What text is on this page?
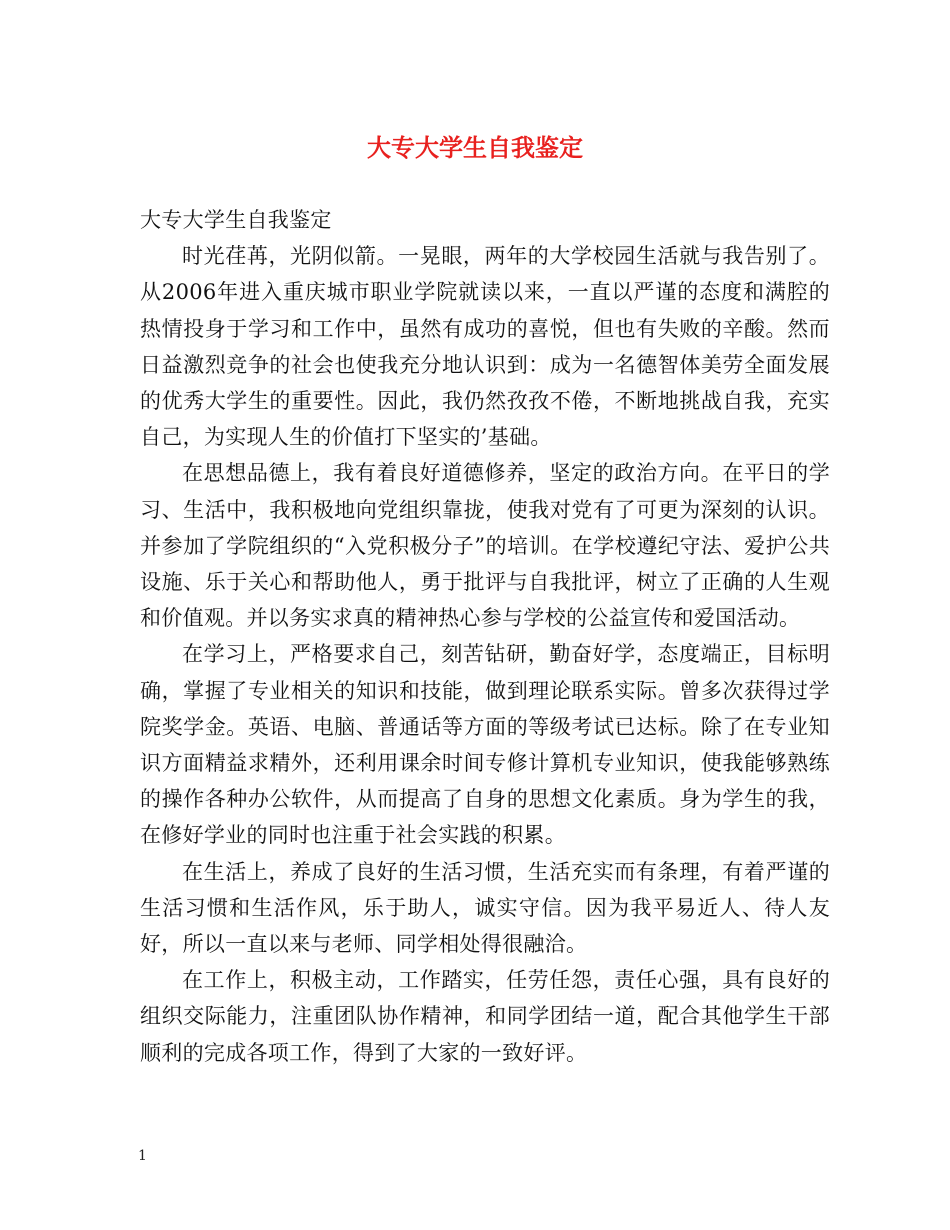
大专大学生自我鉴定

大专大学生自我鉴定

时光荏苒，光阴似箭。一晃眼，两年的大学校园生活就与我告别了。从2006年进入重庆城市职业学院就读以来，一直以严谨的态度和满腔的热情投身于学习和工作中，虽然有成功的喜悦，但也有失败的辛酸。然而日益激烈竞争的社会也使我充分地认识到：成为一名德智体美劳全面发展的优秀大学生的重要性。因此，我仍然孜孜不倦，不断地挑战自我，充实自己，为实现人生的价值打下坚实的’基础。

在思想品德上，我有着良好道德修养，坚定的政治方向。在平日的学习、生活中，我积极地向党组织靠拢，使我对党有了可更为深刻的认识。并参加了学院组织的“入党积极分子”的培训。在学校遵纪守法、爱护公共设施、乐于关心和帮助他人，勇于批评与自我批评，树立了正确的人生观和价值观。并以务实求真的精神热心参与学校的公益宣传和爱国活动。

在学习上，严格要求自己，刻苦钻研，勤奋好学，态度端正，目标明确，掌握了专业相关的知识和技能，做到理论联系实际。曾多次获得过学院奖学金。英语、电脑、普通话等方面的等级考试已达标。除了在专业知识方面精益求精外，还利用课余时间专修计算机专业知识，使我能够熟练的操作各种办公软件，从而提高了自身的思想文化素质。身为学生的我，在修好学业的同时也注重于社会实践的积累。

在生活上，养成了良好的生活习惯，生活充实而有条理，有着严谨的生活习惯和生活作风，乐于助人，诚实守信。因为我平易近人、待人友好，所以一直以来与老师、同学相处得很融洽。

在工作上，积极主动，工作踏实，任劳任怨，责任心强，具有良好的组织交际能力，注重团队协作精神，和同学团结一道，配合其他学生干部顺利的完成各项工作，得到了大家的一致好评。

1
